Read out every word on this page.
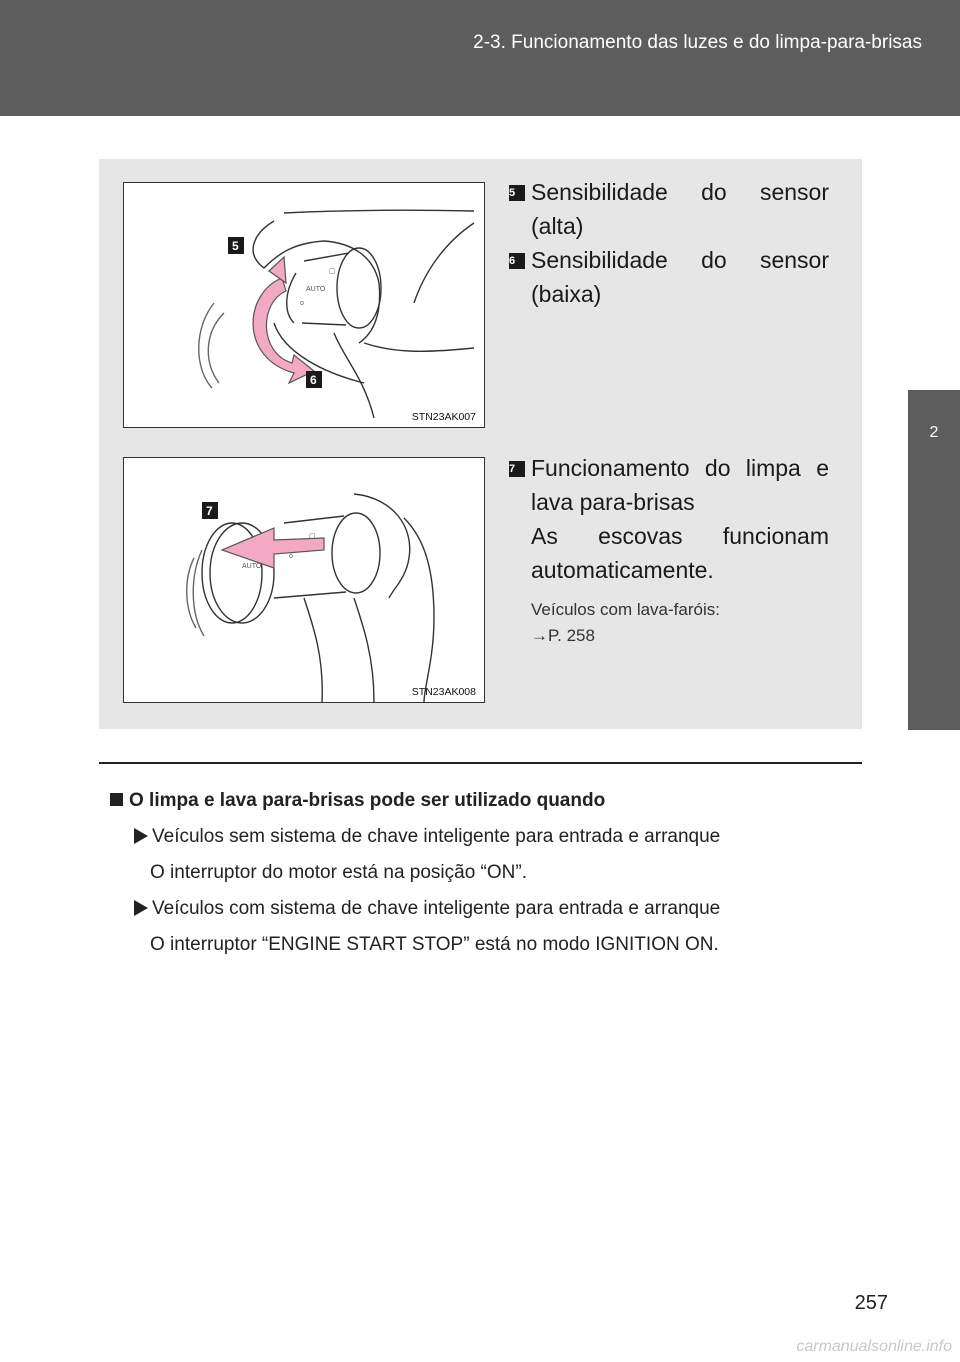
2-3. Funcionamento das luzes e do limpa-para-brisas
2
Durante a condução
AUTO
o
▢
5
6
STN23AK007
AUTO
o
▢
7
STN23AK008
5 Sensibilidade do sensor (alta)
6 Sensibilidade do sensor (baixa)
7 Funcionamento do limpa e lava para-brisas
As escovas funcionam automaticamente.
Veículos com lava-faróis:
→P. 258
O limpa e lava para-brisas pode ser utilizado quando
Veículos sem sistema de chave inteligente para entrada e arranque
O interruptor do motor está na posição “ON”.
Veículos com sistema de chave inteligente para entrada e arranque
O interruptor “ENGINE START STOP” está no modo IGNITION ON.
257
carmanualsonline.info
